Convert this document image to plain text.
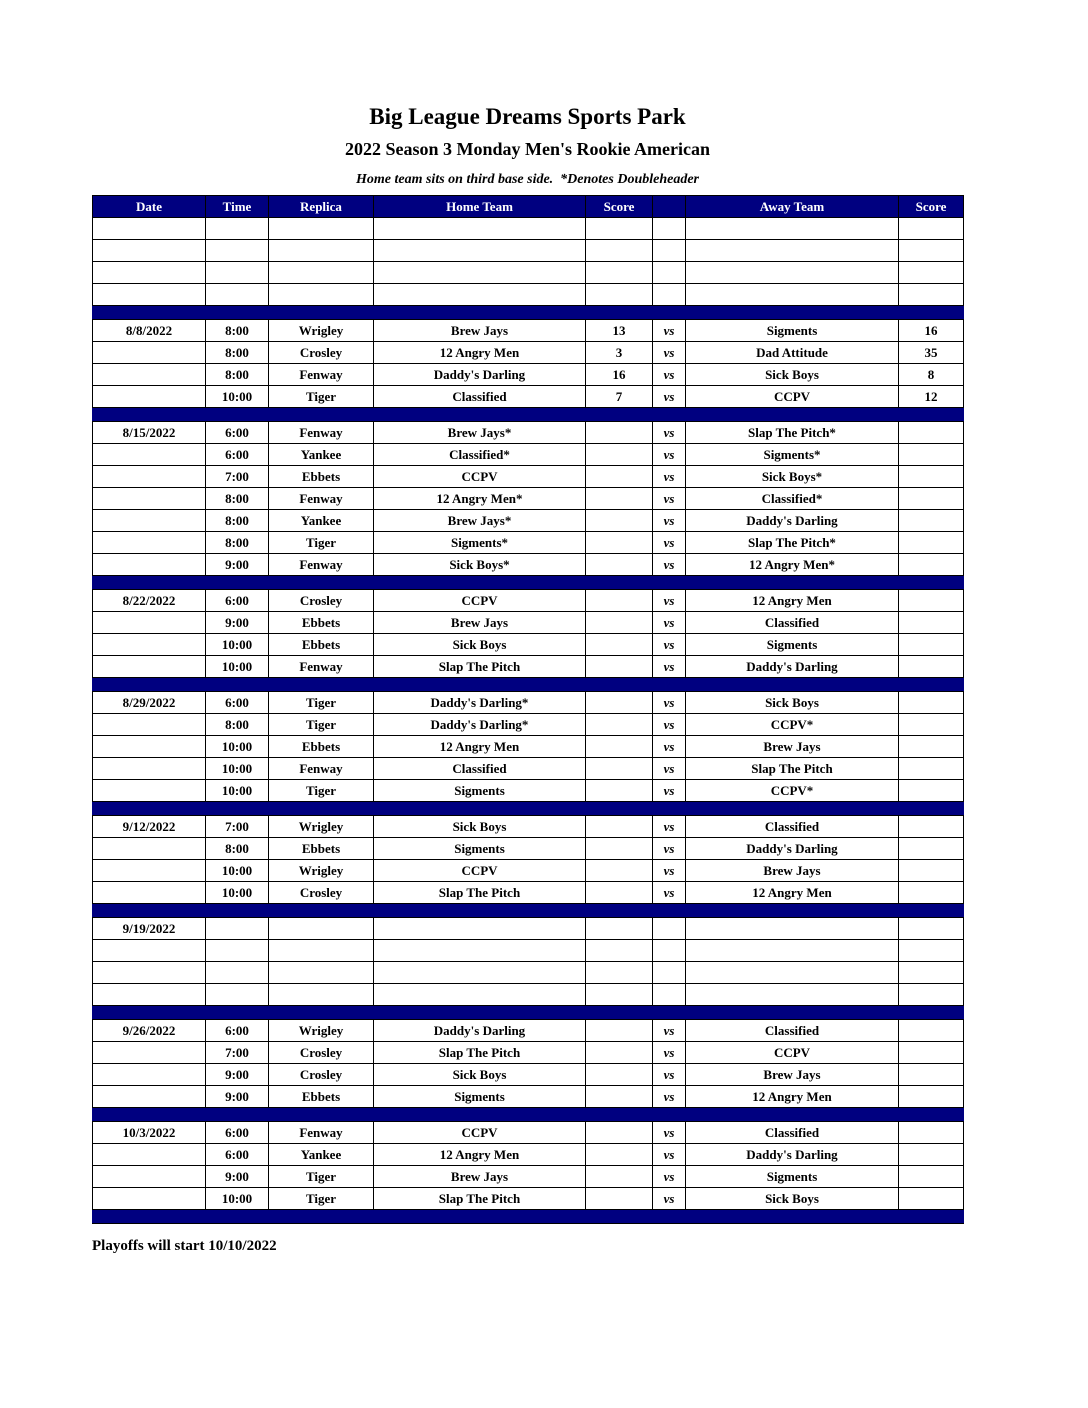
Big League Dreams Sports Park
2022 Season 3 Monday Men's Rookie American
Home team sits on third base side.  *Denotes Doubleheader
Date	Time	Replica	Home Team	Score		Away Team	Score

8/8/2022	8:00	Wrigley	Brew Jays	13	vs	Sigments	16
	8:00	Crosley	12 Angry Men	3	vs	Dad Attitude	35
	8:00	Fenway	Daddy's Darling	16	vs	Sick Boys	8
	10:00	Tiger	Classified	7	vs	CCPV	12

8/15/2022	6:00	Fenway	Brew Jays*		vs	Slap The Pitch*	
	6:00	Yankee	Classified*		vs	Sigments*	
	7:00	Ebbets	CCPV		vs	Sick Boys*	
	8:00	Fenway	12 Angry Men*		vs	Classified*	
	8:00	Yankee	Brew Jays*		vs	Daddy's Darling	
	8:00	Tiger	Sigments*		vs	Slap The Pitch*	
	9:00	Fenway	Sick Boys*		vs	12 Angry Men*	

8/22/2022	6:00	Crosley	CCPV		vs	12 Angry Men	
	9:00	Ebbets	Brew Jays		vs	Classified	
	10:00	Ebbets	Sick Boys		vs	Sigments	
	10:00	Fenway	Slap The Pitch		vs	Daddy's Darling	

8/29/2022	6:00	Tiger	Daddy's Darling*		vs	Sick Boys	
	8:00	Tiger	Daddy's Darling*		vs	CCPV*	
	10:00	Ebbets	12 Angry Men		vs	Brew Jays	
	10:00	Fenway	Classified		vs	Slap The Pitch	
	10:00	Tiger	Sigments		vs	CCPV*	

9/12/2022	7:00	Wrigley	Sick Boys		vs	Classified	
	8:00	Ebbets	Sigments		vs	Daddy's Darling	
	10:00	Wrigley	CCPV		vs	Brew Jays	
	10:00	Crosley	Slap The Pitch		vs	12 Angry Men	

9/19/2022							

9/26/2022	6:00	Wrigley	Daddy's Darling		vs	Classified	
	7:00	Crosley	Slap The Pitch		vs	CCPV	
	9:00	Crosley	Sick Boys		vs	Brew Jays	
	9:00	Ebbets	Sigments		vs	12 Angry Men	

10/3/2022	6:00	Fenway	CCPV		vs	Classified	
	6:00	Yankee	12 Angry Men		vs	Daddy's Darling	
	9:00	Tiger	Brew Jays		vs	Sigments	
	10:00	Tiger	Slap The Pitch		vs	Sick Boys	

Playoffs will start 10/10/2022
